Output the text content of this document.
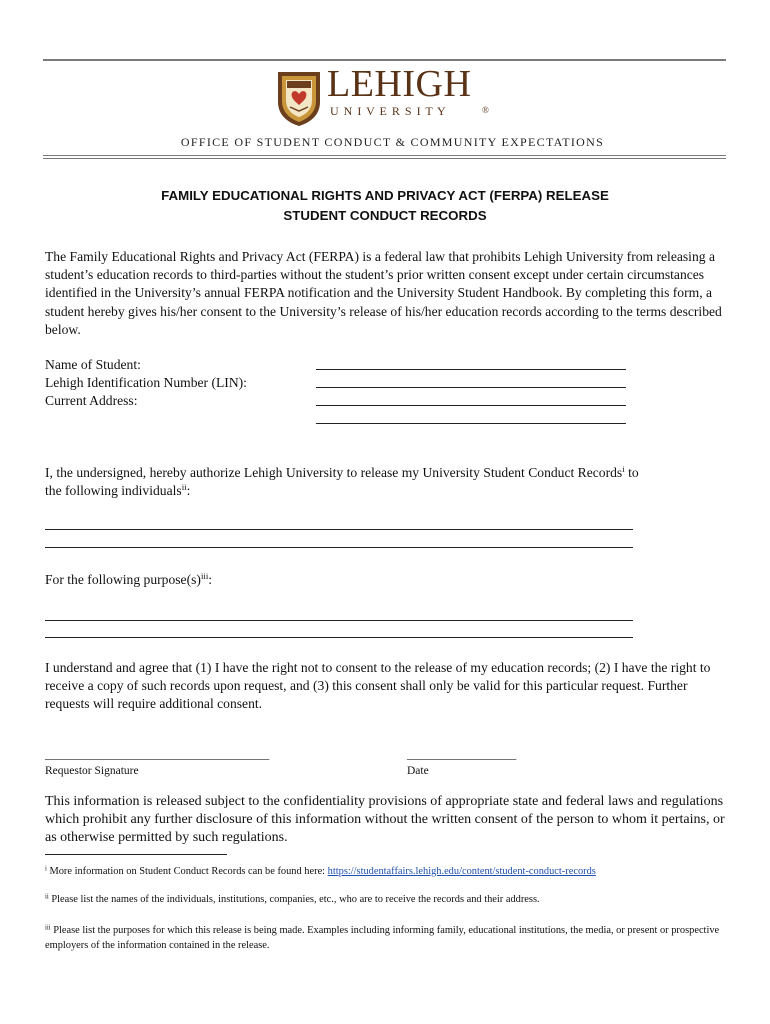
LEHIGH
U N I V E R S I T Y	®
OFFICE OF STUDENT CONDUCT & COMMUNITY EXPECTATIONS
FAMILY EDUCATIONAL RIGHTS AND PRIVACY ACT (FERPA) RELEASE
STUDENT CONDUCT RECORDS
The Family Educational Rights and Privacy Act (FERPA) is a federal law that prohibits Lehigh University from releasing a student’s education records to third-parties without the student’s prior written consent except under certain circumstances identified in the University’s annual FERPA notification and the University Student Handbook. By completing this form, a student hereby gives his/her consent to the University’s release of his/her education records according to the terms described below.
Name of Student:
Lehigh Identification Number (LIN):
Current Address:
I, the undersigned, hereby authorize Lehigh University to release my University Student Conduct Records$^i$ to
the following individuals$^{ii}$:
For the following $purpose(s)^{iii}$:
I understand and agree that (1) I have the right not to consent to the release of my education records; (2) I have the right to receive a copy of such records upon request, and (3) this consent shall only be valid for this particular request. Further requests will require additional consent.
_______________________________________
Requestor Signature
___________________
Date
This information is released subject to the confidentiality provisions of appropriate state and federal laws and regulations which prohibit any further disclosure of this information without the written consent of the person to whom it pertains, or as otherwise permitted by such regulations.
$^i$ More information on Student Conduct Records can be found here: https://studentaffairs.lehigh.edu/content/student-conduct-records
$^{ii}$ Please list the names of the individuals, institutions, companies, etc., who are to receive the records and their address.
$^{iii}$ Please list the purposes for which this release is being made. Examples including informing family, educational institutions, the media, or present or prospective employers of the information contained in the release.
